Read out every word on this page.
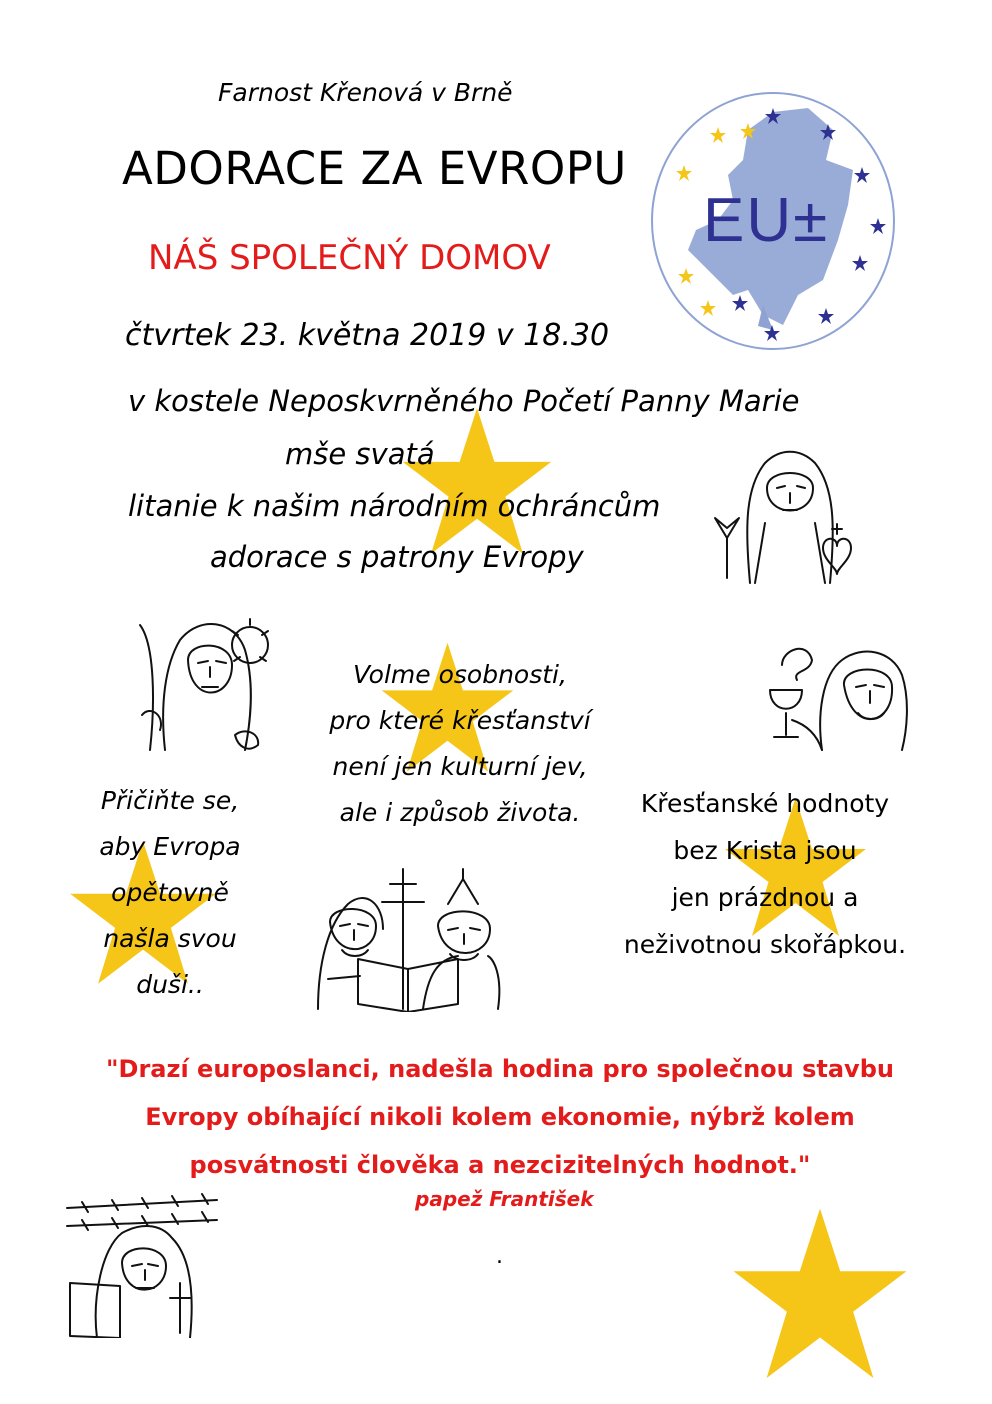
EU±
Farnost Křenová v Brně
ADORACE ZA EVROPU
NÁŠ SPOLEČNÝ DOMOV
čtvrtek 23. května 2019 v 18.30
v kostele Neposkvrněného Početí Panny Marie
mše svatá
litanie k našim národním ochráncům
adorace s patrony Evropy
Přičiňte se,
aby Evropa
opětovně
našla svou
duši..
Volme osobnosti,
pro které křesťanství
není jen kulturní jev,
ale i způsob života.	Křesťanské hodnoty
bez Krista jsou
jen prázdnou a
neživotnou skořápkou.
"Drazí europoslanci, nadešla hodina pro společnou stavbu
Evropy obíhající nikoli kolem ekonomie, nýbrž kolem
posvátnosti člověka a nezcizitelných hodnot."
papež František
.
